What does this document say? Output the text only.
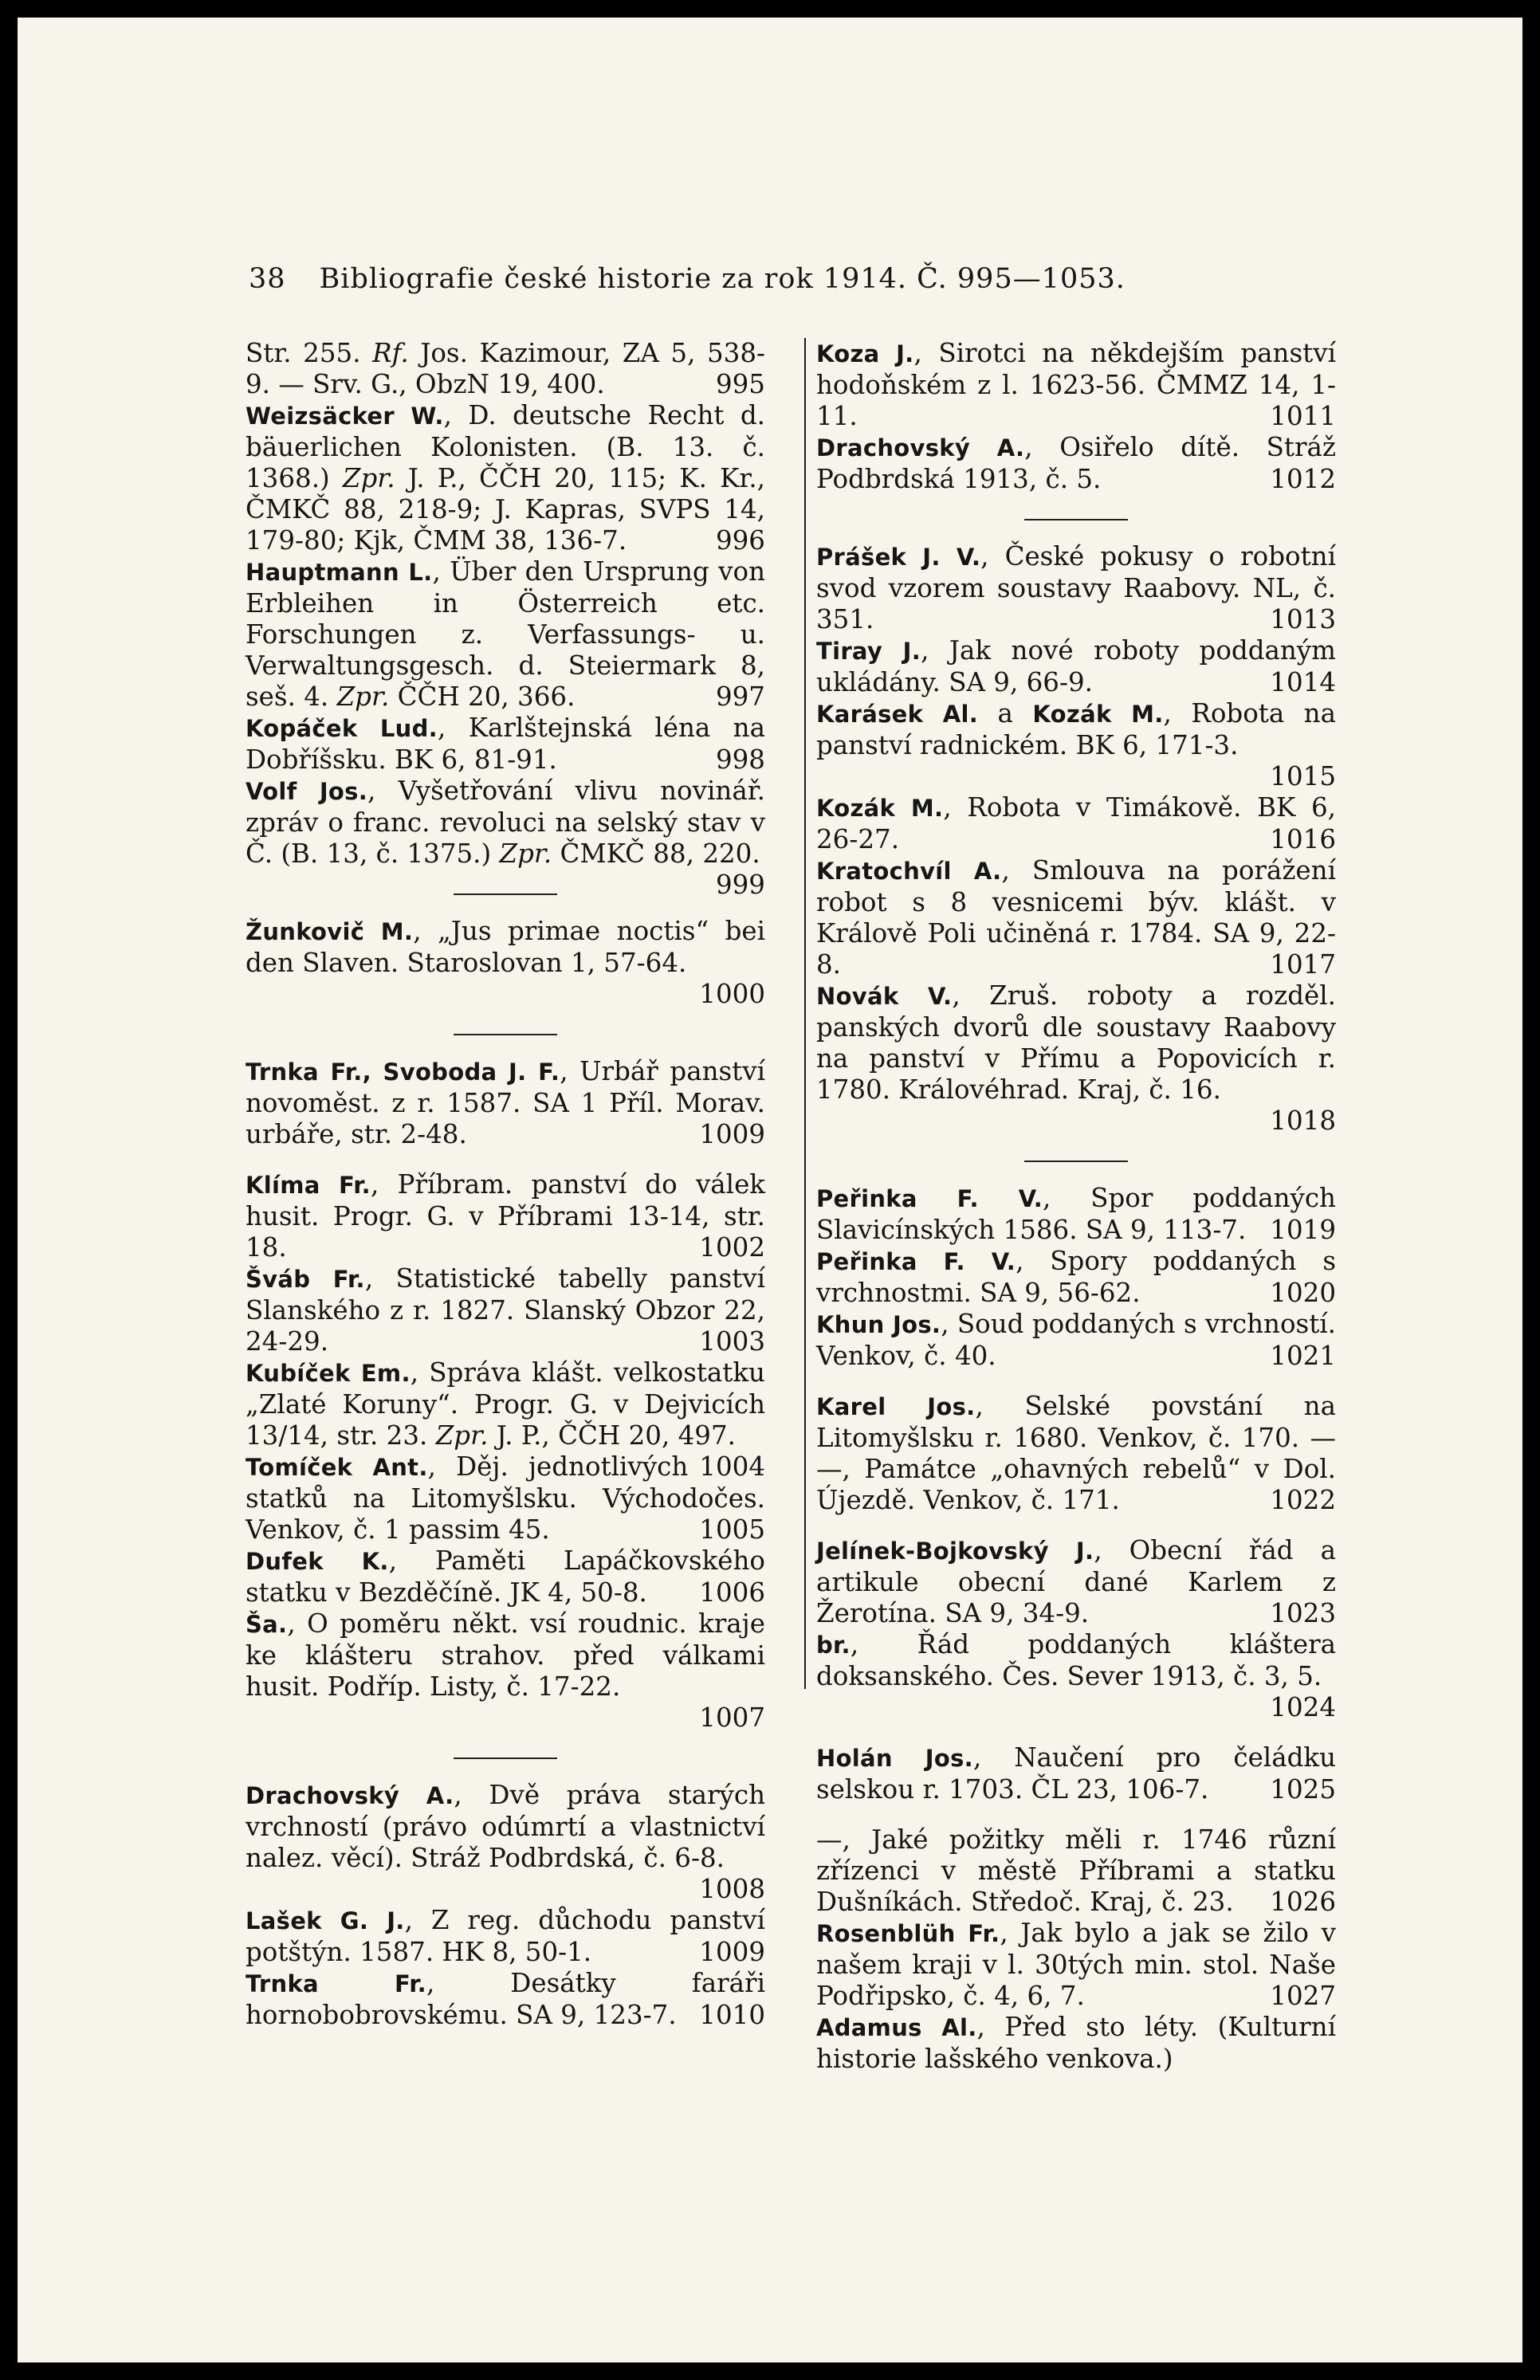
38 Bibliografie české historie za rok 1914. Č. 995—1053.
Str. 255. Rf. Jos. Kazimour, ZA 5, 538-9. — Srv. G., ObzN 19, 400.	995
Weizsäcker W., D. deutsche Recht d. bäuerlichen Kolonisten. (B. 13. č. 1368.) Zpr. J. P., ČČH 20, 115; K. Kr., ČMKČ 88, 218-9; J. Kapras, SVPS 14, 179-80; Kjk, ČMM 38, 136-7.	996
Hauptmann L., Über den Ursprung von Erbleihen in Österreich etc. Forschungen z. Verfassungs- u. Verwaltungsgesch. d. Steiermark 8, seš. 4. Zpr. ČČH 20, 366.	997
Kopáček Lud., Karlštejnská léna na Dobříšsku. BK 6, 81-91.	998
Volf Jos., Vyšetřování vlivu novinář. zpráv o franc. revoluci na selský stav v Č. (B. 13, č. 1375.) Zpr. ČMKČ 88, 220.
999
Žunkovič M., „Jus primae noctis“ bei den Slaven. Staroslovan 1, 57-64.
1000
Trnka Fr., Svoboda J. F., Urbář panství novoměst. z r. 1587. SA 1 Příl. Morav. urbáře, str. 2-48.	1009
Klíma Fr., Příbram. panství do válek husit. Progr. G. v Příbrami 13-14, str. 18.	1002
Šváb Fr., Statistické tabelly panství Slanského z r. 1827. Slanský Obzor 22, 24-29.	1003
Kubíček Em., Správa klášt. velkostatku „Zlaté Koruny“. Progr. G. v Dejvicích 13/14, str. 23. Zpr. J. P., ČČH 20, 497.
1004
Tomíček Ant., Děj. jednotlivých statků na Litomyšlsku. Východočes. Venkov, č. 1 passim 45.	1005
Dufek K., Paměti Lapáčkovského statku v Bezděčíně. JK 4, 50-8.	1006
Ša., O poměru někt. vsí roudnic. kraje ke klášteru strahov. před válkami husit. Podříp. Listy, č. 17-22.
1007
Drachovský A., Dvě práva starých vrchností (právo odúmrtí a vlastnictví nalez. věcí). Stráž Podbrdská, č. 6-8.
1008
Lašek G. J., Z reg. důchodu panství potštýn. 1587. HK 8, 50-1.	1009
Trnka Fr., Desátky faráři hornobobrovskému. SA 9, 123-7. 1010
Koza J., Sirotci na někdejším panství hodoňském z l. 1623-56. ČMMZ 14, 1-11.	1011
Drachovský A., Osiřelo dítě. Stráž Podbrdská 1913, č. 5.	1012
Prášek J. V., České pokusy o robotní svod vzorem soustavy Raabovy. NL, č. 351.	1013
Tiray J., Jak nové roboty poddaným ukládány. SA 9, 66-9.	1014
Karásek Al. a Kozák M., Robota na panství radnickém. BK 6, 171-3.
1015
Kozák M., Robota v Timákově. BK 6, 26-27.	1016
Kratochvíl A., Smlouva na porážení robot s 8 vesnicemi býv. klášt. v Králově Poli učiněná r. 1784. SA 9, 22-8.	1017
Novák V., Zruš. roboty a rozděl. panských dvorů dle soustavy Raabovy na panství v Přímu a Popovicích r. 1780. Královéhrad. Kraj, č. 16.
1018
Peřinka F. V., Spor poddaných Slavicínských 1586. SA 9, 113-7. 1019
Peřinka F. V., Spory poddaných s vrchnostmi. SA 9, 56-62.	1020
Khun Jos., Soud poddaných s vrchností. Venkov, č. 40.	1021
Karel Jos., Selské povstání na Litomyšlsku r. 1680. Venkov, č. 170. — —, Památce „ohavných rebelů“ v Dol. Újezdě. Venkov, č. 171.	1022
Jelínek-Bojkovský J., Obecní řád a artikule obecní dané Karlem z Žerotína. SA 9, 34-9.	1023
br., Řád poddaných kláštera doksanského. Čes. Sever 1913, č. 3, 5.
1024
Holán Jos., Naučení pro čeládku selskou r. 1703. ČL 23, 106-7.	1025
—, Jaké požitky měli r. 1746 různí zřízenci v městě Příbrami a statku Dušníkách. Středoč. Kraj, č. 23.	1026
Rosenblüh Fr., Jak bylo a jak se žilo v našem kraji v l. 30tých min. stol. Naše Podřipsko, č. 4, 6, 7.	1027
Adamus Al., Před sto léty. (Kulturní historie lašského venkova.)
